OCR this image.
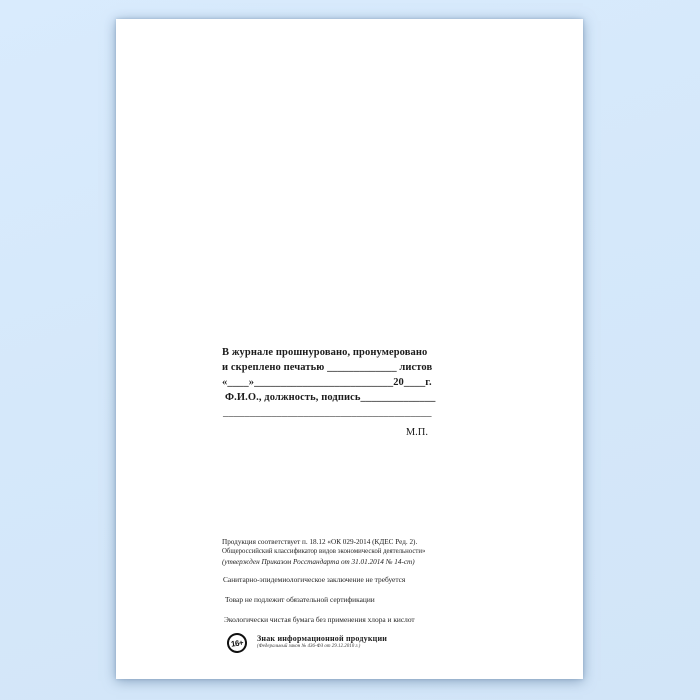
В журнале прошнуровано, пронумеровано
и скреплено печатью _____________ листов
«____»__________________________20____г.
Ф.И.О., должность, подпись______________
_______________________________________
М.П.
Продукция соответствует п. 18.12 «ОК 029-2014 (КДЕС Ред. 2).
Общероссийский классификатор видов экономической деятельности»
(утвержден Приказом Росстандарта от 31.01.2014 № 14-ст)
Санитарно-эпидемиологическое заключение не требуется
Товар не подлежит обязательной сертификации
Экологически чистая бумага без применения хлора и кислот
16+	Знак информационной продукции
(Федеральный закон № 436-ФЗ от 29.12.2010 г.)
